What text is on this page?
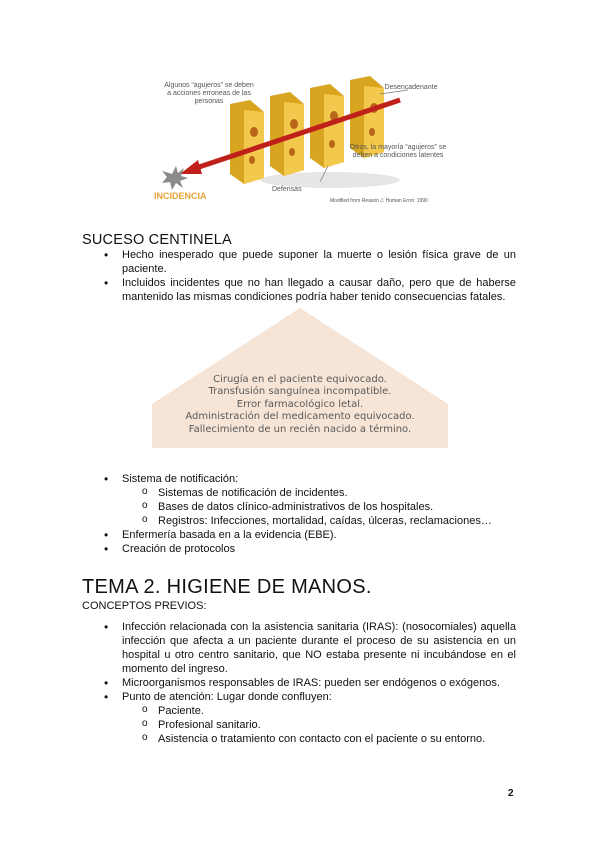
Algunos “agujeros” se deben a acciones erroneas de las personas
Desencadenante
Otros, la mayoría “agujeros” se deben a condiciones latentes
Defensas
INCIDENCIA	Modified from Reason J. Human Error. 1990
SUCESO CENTINELA
• Hecho inesperado que puede suponer la muerte o lesión física grave de un paciente.
• Incluidos incidentes que no han llegado a causar daño, pero que de haberse mantenido las mismas condiciones podría haber tenido consecuencias fatales.
Cirugía en el paciente equivocado.
Transfusión sanguínea incompatible.
Error farmacológico letal.
Administración del medicamento equivocado.
Fallecimiento de un recién nacido a término.
• Sistema de notificación:
o Sistemas de notificación de incidentes.
o Bases de datos clínico-administrativos de los hospitales.
o Registros: Infecciones, mortalidad, caídas, úlceras, reclamaciones…
• Enfermería basada en a la evidencia (EBE).
• Creación de protocolos
TEMA 2. HIGIENE DE MANOS.
CONCEPTOS PREVIOS:
• Infección relacionada con la asistencia sanitaria (IRAS): (nosocomiales) aquella infección que afecta a un paciente durante el proceso de su asistencia en un hospital u otro centro sanitario, que NO estaba presente ni incubándose en el momento del ingreso.
• Microorganismos responsables de IRAS: pueden ser endógenos o exógenos.
• Punto de atención: Lugar donde confluyen:
o Paciente.
o Profesional sanitario.
o Asistencia o tratamiento con contacto con el paciente o su entorno.
2
